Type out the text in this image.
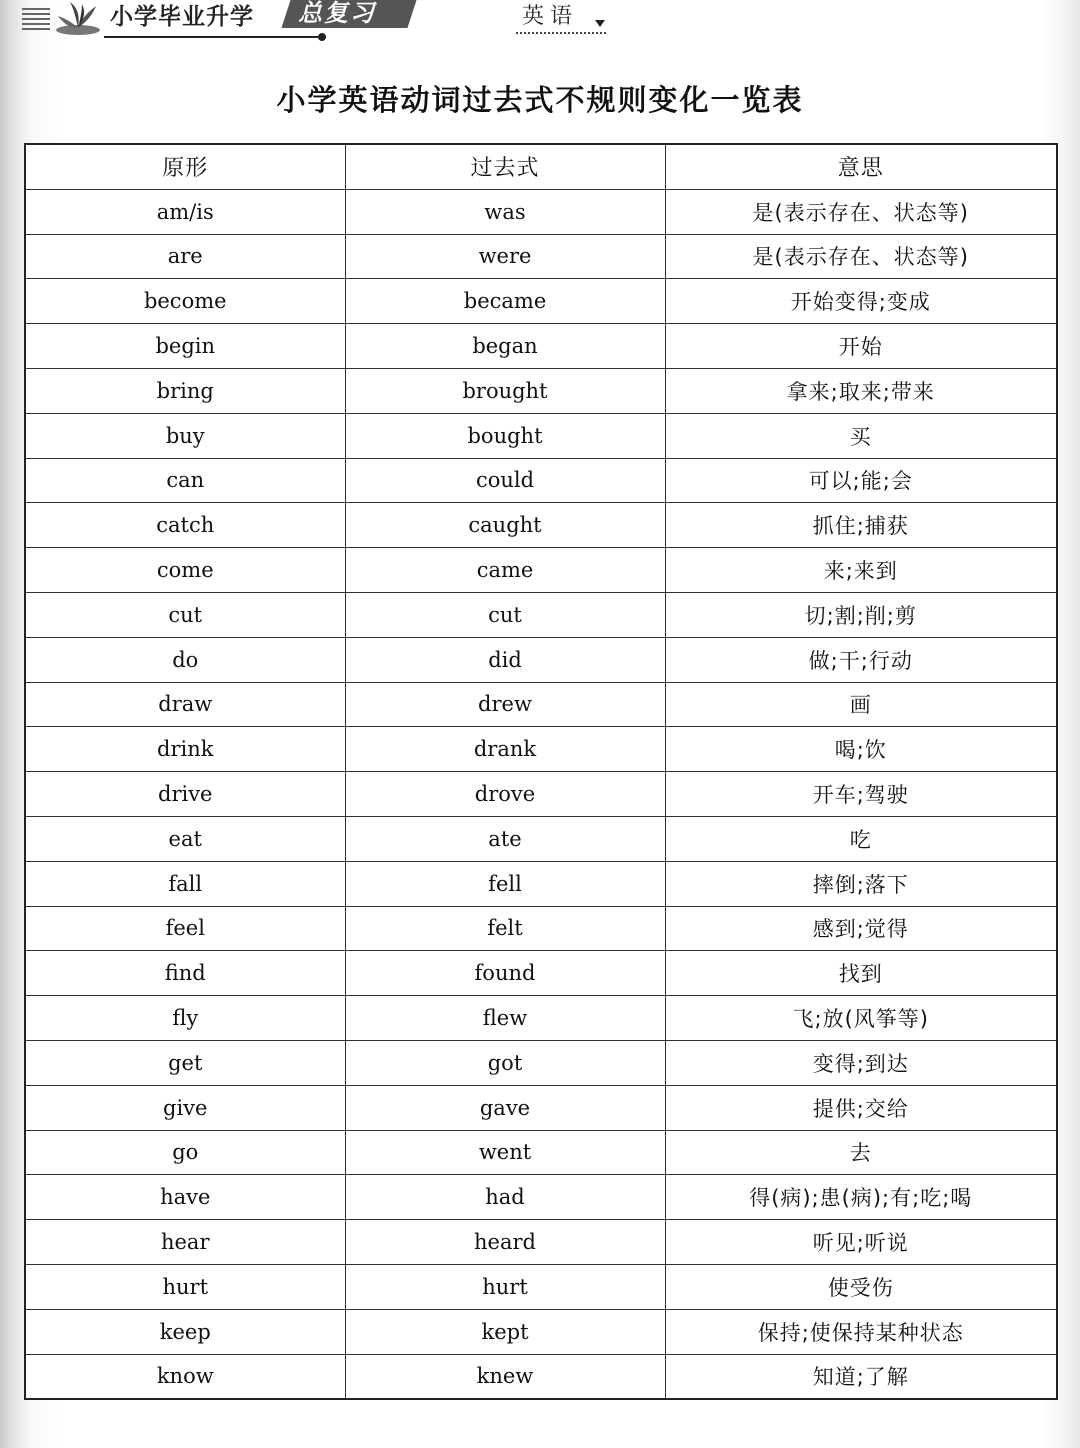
小学毕业升学 总复习	英语
小学英语动词过去式不规则变化一览表
原形	过去式	意思
am/is	was	是(表示存在、状态等)
are	were	是(表示存在、状态等)
become	became	开始变得;变成
begin	began	开始
bring	brought	拿来;取来;带来
buy	bought	买
can	could	可以;能;会
catch	caught	抓住;捕获
come	came	来;来到
cut	cut	切;割;削;剪
do	did	做;干;行动
draw	drew	画
drink	drank	喝;饮
drive	drove	开车;驾驶
eat	ate	吃
fall	fell	摔倒;落下
feel	felt	感到;觉得
find	found	找到
fly	flew	飞;放(风筝等)
get	got	变得;到达
give	gave	提供;交给
go	went	去
have	had	得(病);患(病);有;吃;喝
hear	heard	听见;听说
hurt	hurt	使受伤
keep	kept	保持;使保持某种状态
know	knew	知道;了解
